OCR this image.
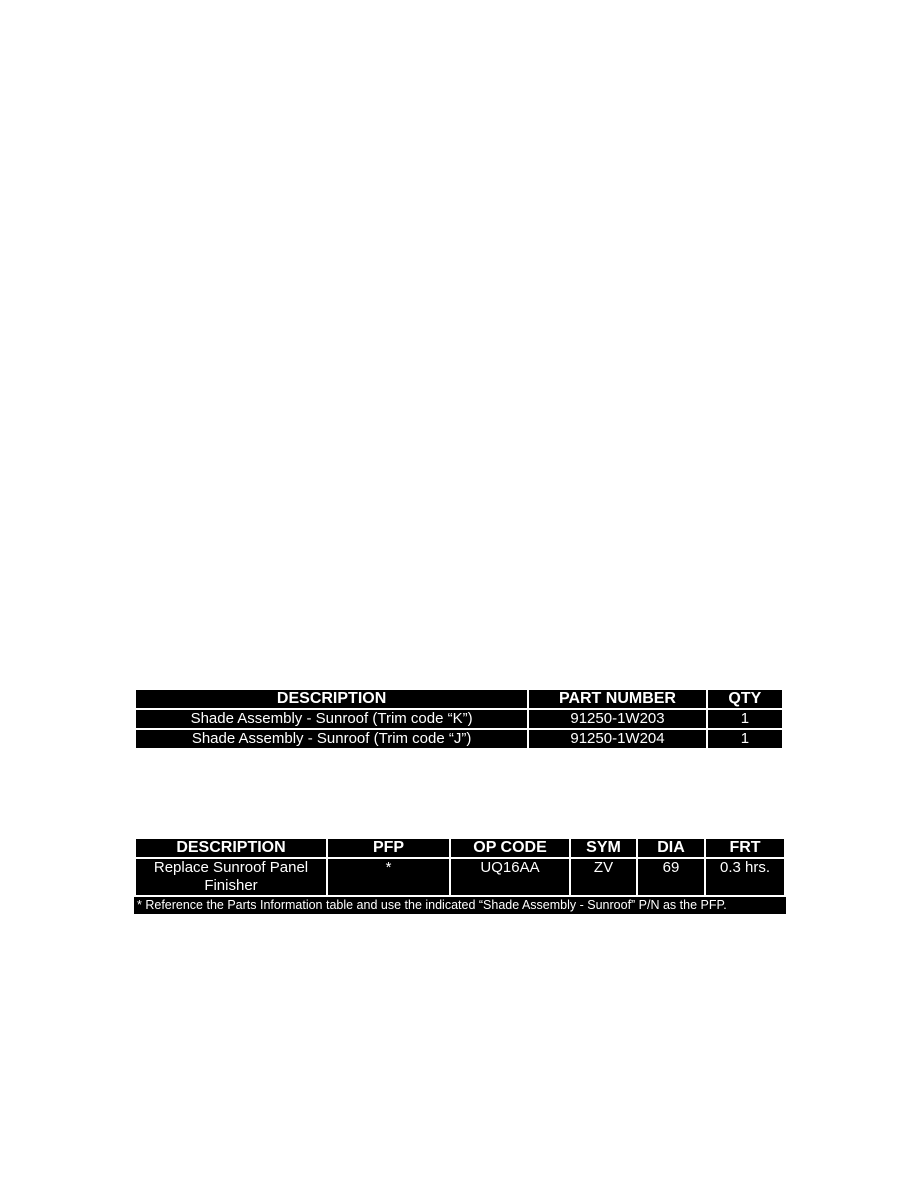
DESCRIPTION	PART NUMBER	QTY
Shade Assembly - Sunroof (Trim code “K”)	91250-1W203	1
Shade Assembly - Sunroof (Trim code “J”)	91250-1W204	1
DESCRIPTION	PFP	OP CODE	SYM	DIA	FRT
Replace Sunroof Panel Finisher	*	UQ16AA	ZV	69	0.3 hrs.
* Reference the Parts Information table and use the indicated “Shade Assembly - Sunroof” P/N as the PFP.					
